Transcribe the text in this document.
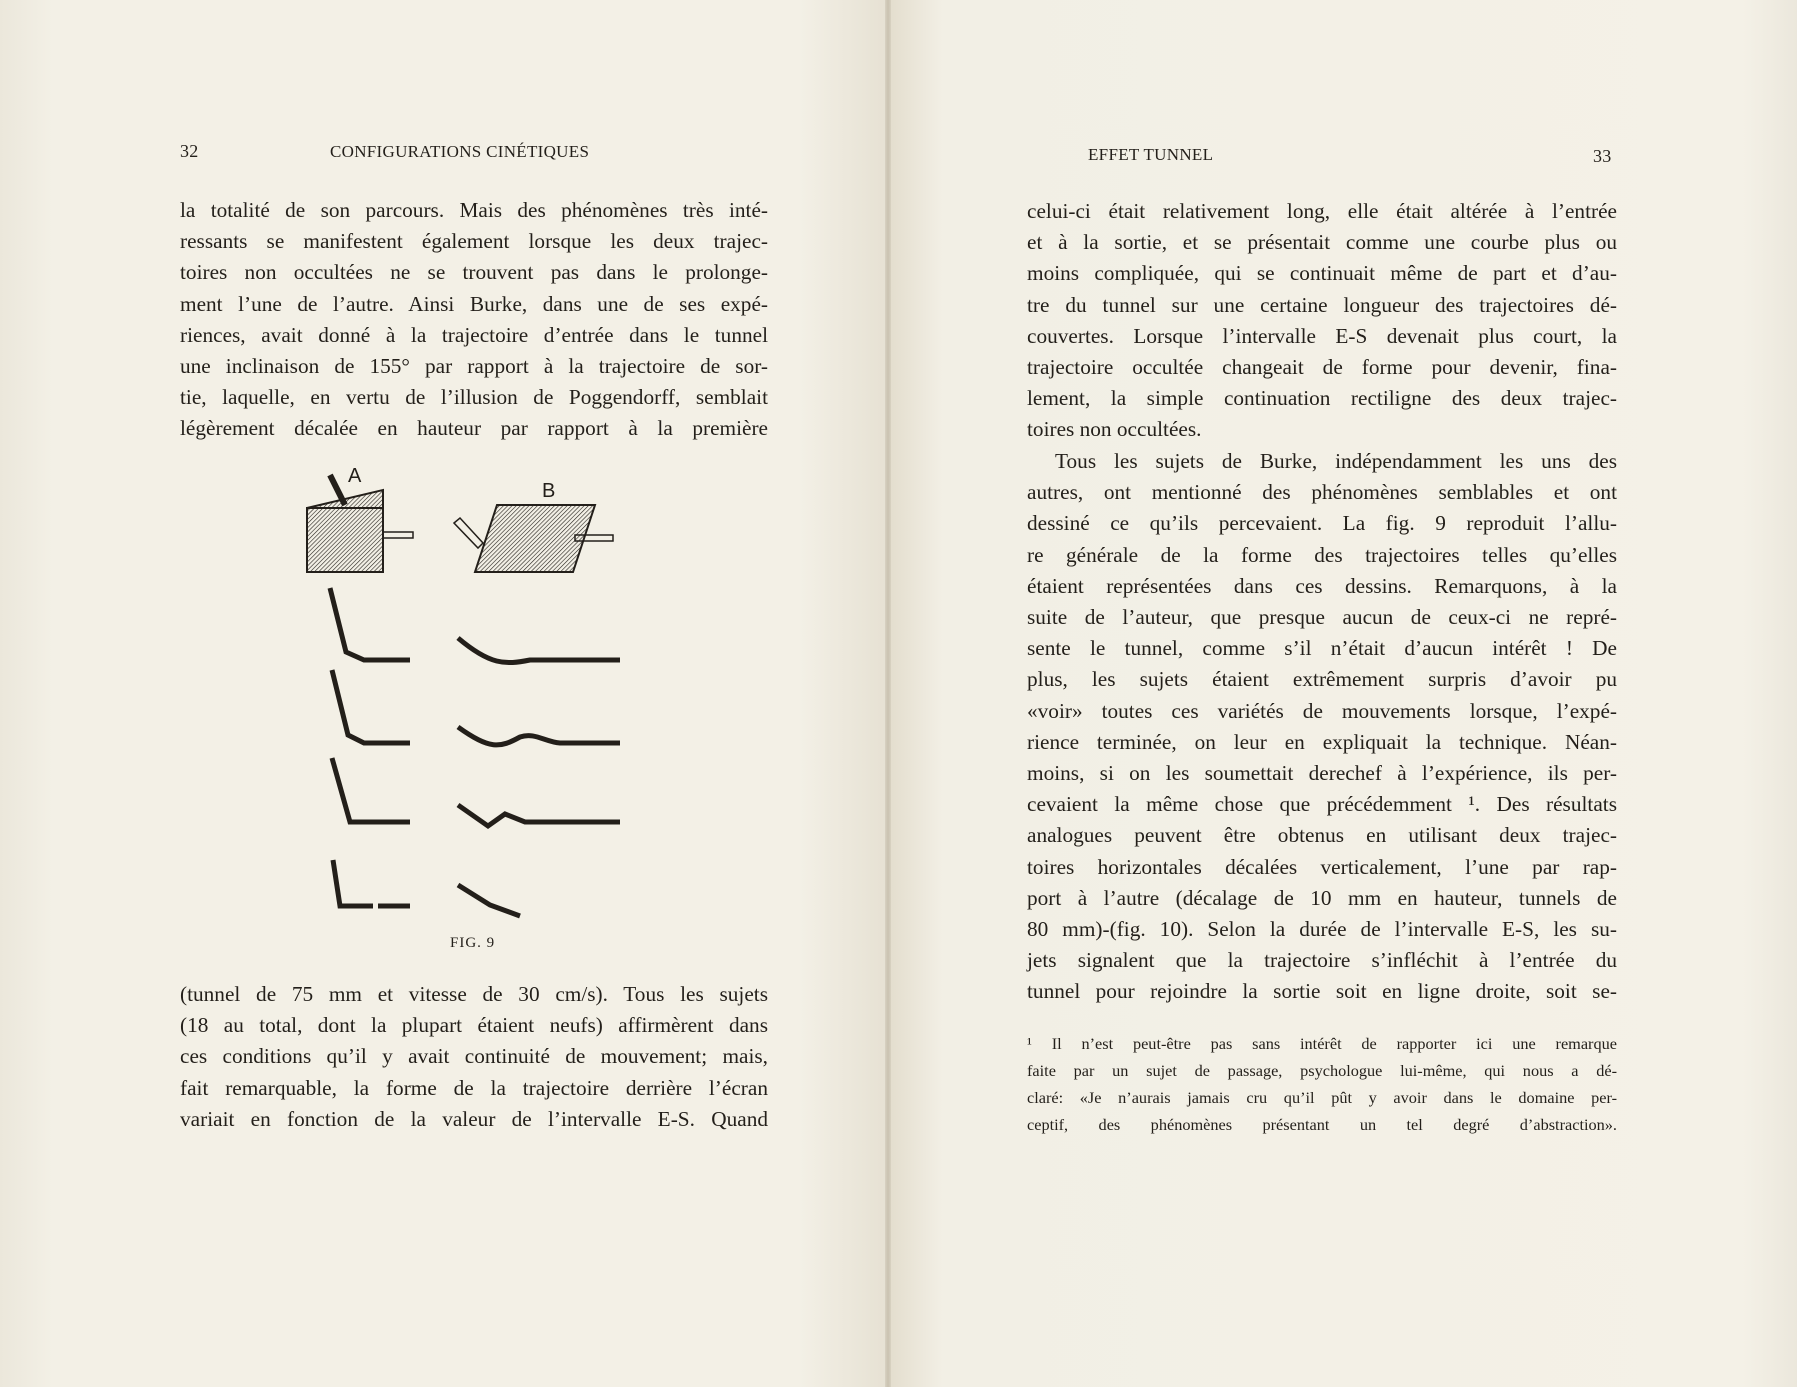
32	CONFIGURATIONS CINÉTIQUES
la totalité de son parcours. Mais des phénomènes très inté-
ressants se manifestent également lorsque les deux trajec-
toires non occultées ne se trouvent pas dans le prolonge-
ment l’une de l’autre. Ainsi Burke, dans une de ses expé-
riences, avait donné à la trajectoire d’entrée dans le tunnel
une inclinaison de 155° par rapport à la trajectoire de sor-
tie, laquelle, en vertu de l’illusion de Poggendorff, semblait
légèrement décalée en hauteur par rapport à la première
A
B
FIG. 9
(tunnel de 75 mm et vitesse de 30 cm/s). Tous les sujets
(18 au total, dont la plupart étaient neufs) affirmèrent dans
ces conditions qu’il y avait continuité de mouvement; mais,
fait remarquable, la forme de la trajectoire derrière l’écran
variait en fonction de la valeur de l’intervalle E-S. Quand
EFFET TUNNEL	33
celui-ci était relativement long, elle était altérée à l’entrée
et à la sortie, et se présentait comme une courbe plus ou
moins compliquée, qui se continuait même de part et d’au-
tre du tunnel sur une certaine longueur des trajectoires dé-
couvertes. Lorsque l’intervalle E-S devenait plus court, la
trajectoire occultée changeait de forme pour devenir, fina-
lement, la simple continuation rectiligne des deux trajec-
toires non occultées.
Tous les sujets de Burke, indépendamment les uns des
autres, ont mentionné des phénomènes semblables et ont
dessiné ce qu’ils percevaient. La fig. 9 reproduit l’allu-
re générale de la forme des trajectoires telles qu’elles
étaient représentées dans ces dessins. Remarquons, à la
suite de l’auteur, que presque aucun de ceux-ci ne repré-
sente le tunnel, comme s’il n’était d’aucun intérêt ! De
plus, les sujets étaient extrêmement surpris d’avoir pu
«voir» toutes ces variétés de mouvements lorsque, l’expé-
rience terminée, on leur en expliquait la technique. Néan-
moins, si on les soumettait derechef à l’expérience, ils per-
cevaient la même chose que précédemment ¹. Des résultats
analogues peuvent être obtenus en utilisant deux trajec-
toires horizontales décalées verticalement, l’une par rap-
port à l’autre (décalage de 10 mm en hauteur, tunnels de
80 mm)-(fig. 10). Selon la durée de l’intervalle E-S, les su-
jets signalent que la trajectoire s’infléchit à l’entrée du
tunnel pour rejoindre la sortie soit en ligne droite, soit se-
¹ Il n’est peut-être pas sans intérêt de rapporter ici une remarque
faite par un sujet de passage, psychologue lui-même, qui nous a dé-
claré: «Je n’aurais jamais cru qu’il pût y avoir dans le domaine per-
ceptif, des phénomènes présentant un tel degré d’abstraction».
